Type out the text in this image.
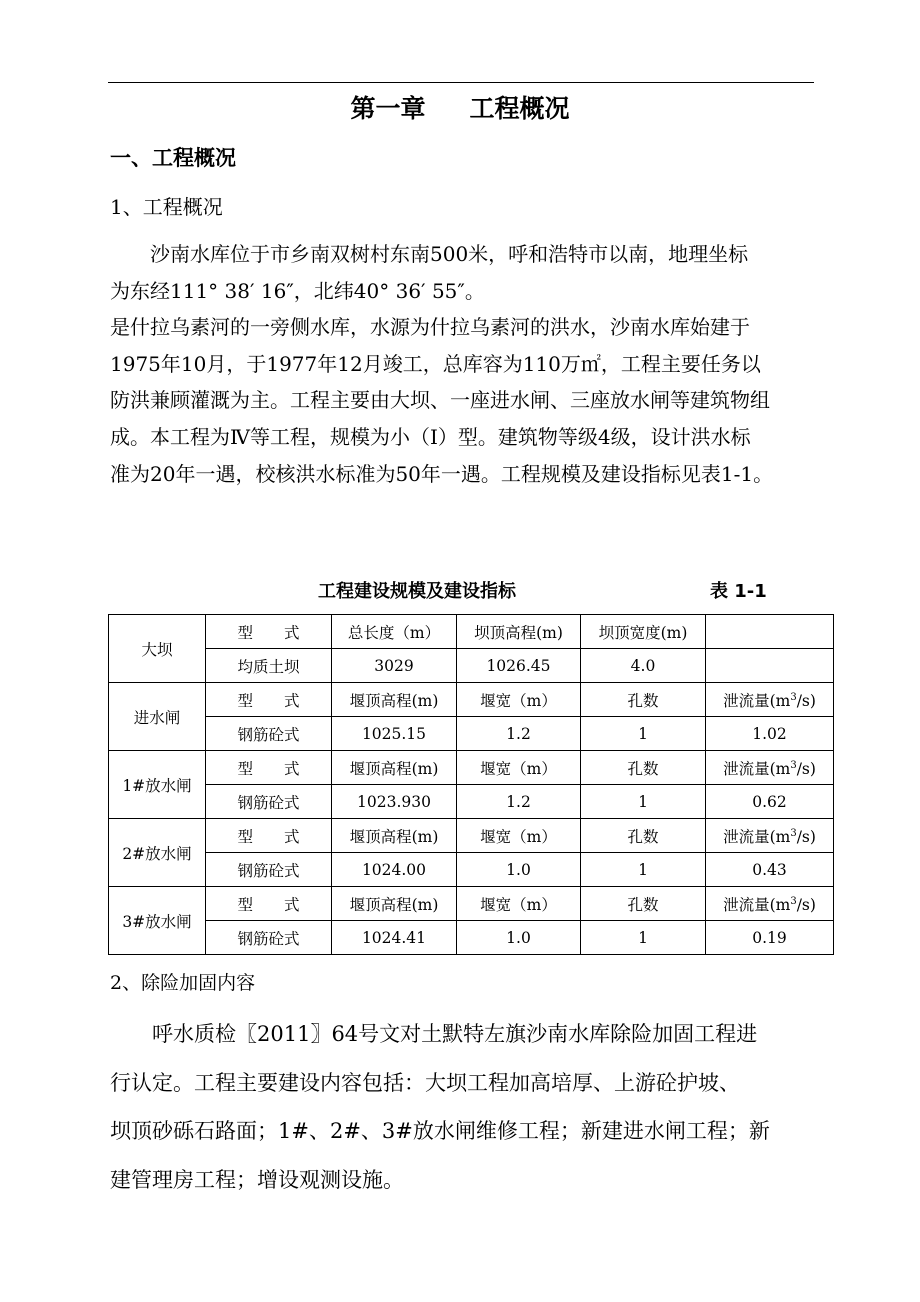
第一章 工程概况
一、工程概况
1、工程概况

　　沙南水库位于市乡南双树村东南500米，呼和浩特市以南，地理坐标

为东经111° 38′ 16″，北纬40° 36′ 55″。

是什拉乌素河的一旁侧水库，水源为什拉乌素河的洪水，沙南水库始建于

1975年10月，于1977年12月竣工，总库容为110万㎡，工程主要任务以

防洪兼顾灌溉为主。工程主要由大坝、一座进水闸、三座放水闸等建筑物组

成。本工程为Ⅳ等工程，规模为小（Ⅰ）型。建筑物等级4级，设计洪水标

准为20年一遇，校核洪水标准为50年一遇。工程规模及建设指标见表1-1。

工程建设规模及建设指标	表 1-1
大坝	型　　式	总长度（m）	坝顶高程(m)	坝顶宽度(m)	
	均质土坝	3029	1026.45	4.0	
进水闸	型　　式	堰顶高程(m)	堰宽（m）	孔数	泄流量$(m^3/s)$
	钢筋砼式	1025.15	1.2	1	1.02
1#放水闸	型　　式	堰顶高程(m)	堰宽（m）	孔数	泄流量$(m^3/s)$
	钢筋砼式	1023.930	1.2	1	0.62
2#放水闸	型　　式	堰顶高程(m)	堰宽（m）	孔数	泄流量$(m^3/s)$
	钢筋砼式	1024.00	1.0	1	0.43
3#放水闸	型　　式	堰顶高程(m)	堰宽（m）	孔数	泄流量$(m^3/s)$
	钢筋砼式	1024.41	1.0	1	0.19
2、除险加固内容

　　呼水质检〖2011〗64号文对土默特左旗沙南水库除险加固工程进

行认定。工程主要建设内容包括：大坝工程加高培厚、上游砼护坡、

坝顶砂砾石路面；1#、2#、3#放水闸维修工程；新建进水闸工程；新

建管理房工程；增设观测设施。
